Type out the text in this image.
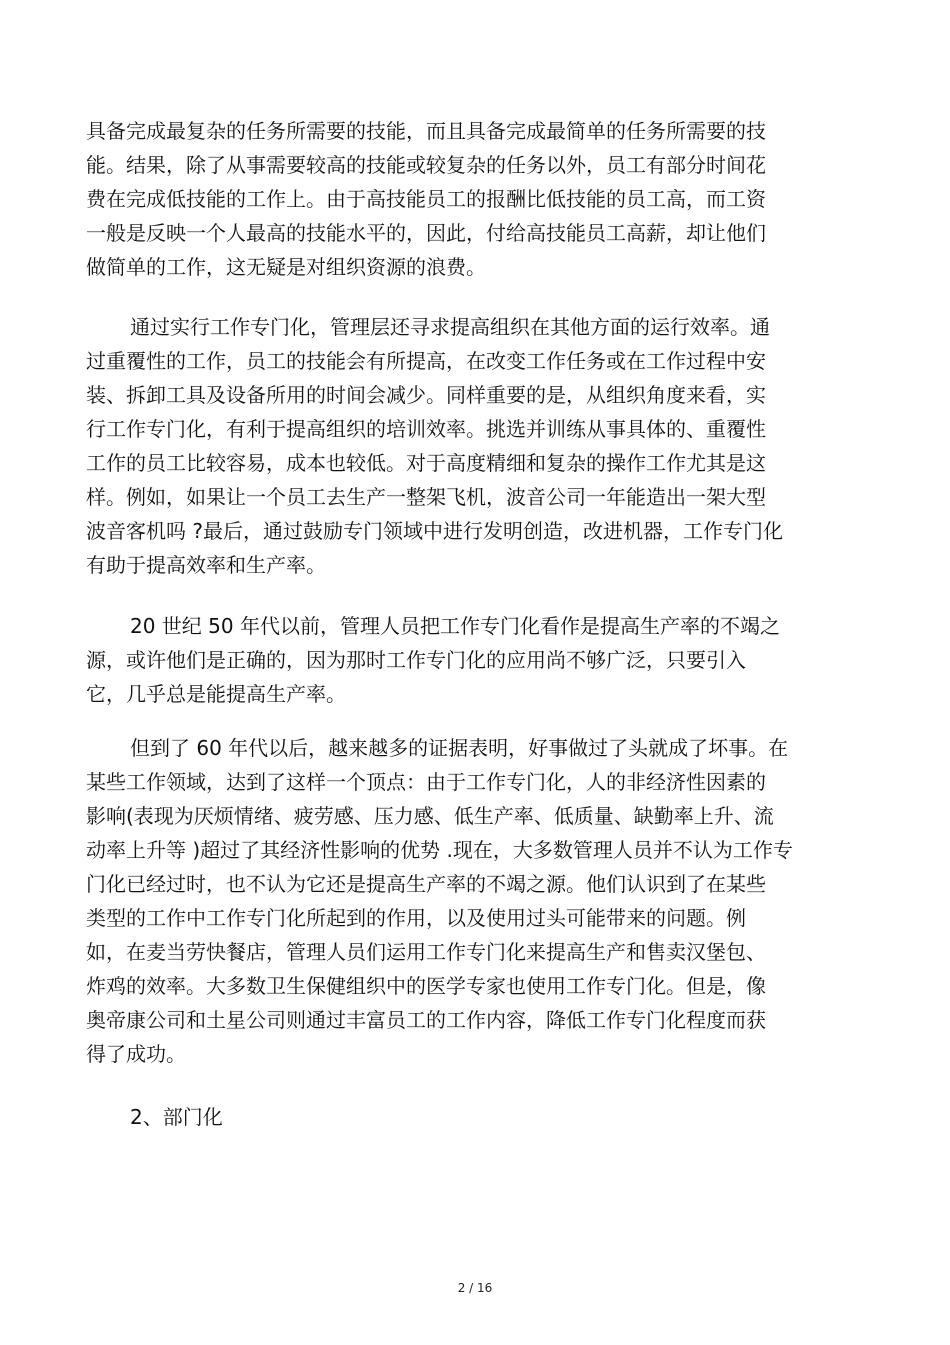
具备完成最复杂的任务所需要的技能，而且具备完成最简单的任务所需要的技
能。结果，除了从事需要较高的技能或较复杂的任务以外，员工有部分时间花
费在完成低技能的工作上。由于高技能员工的报酬比低技能的员工高，而工资
一般是反映一个人最高的技能水平的，因此，付给高技能员工高薪，却让他们
做简单的工作，这无疑是对组织资源的浪费。
通过实行工作专门化，管理层还寻求提高组织在其他方面的运行效率。通
过重覆性的工作，员工的技能会有所提高，在改变工作任务或在工作过程中安
装、拆卸工具及设备所用的时间会减少。同样重要的是，从组织角度来看，实
行工作专门化，有利于提高组织的培训效率。挑选并训练从事具体的、重覆性
工作的员工比较容易，成本也较低。对于高度精细和复杂的操作工作尤其是这
样。例如，如果让一个员工去生产一整架飞机，波音公司一年能造出一架大型
波音客机吗 ?最后，通过鼓励专门领域中进行发明创造，改进机器，工作专门化
有助于提高效率和生产率。
20 世纪 50 年代以前，管理人员把工作专门化看作是提高生产率的不竭之
源，或许他们是正确的，因为那时工作专门化的应用尚不够广泛，只要引入
它，几乎总是能提高生产率。
但到了 60 年代以后，越来越多的证据表明，好事做过了头就成了坏事。在
某些工作领域，达到了这样一个顶点：由于工作专门化，人的非经济性因素的
影响(表现为厌烦情绪、疲劳感、压力感、低生产率、低质量、缺勤率上升、流
动率上升等 )超过了其经济性影响的优势 .现在，大多数管理人员并不认为工作专
门化已经过时，也不认为它还是提高生产率的不竭之源。他们认识到了在某些
类型的工作中工作专门化所起到的作用，以及使用过头可能带来的问题。例
如，在麦当劳快餐店，管理人员们运用工作专门化来提高生产和售卖汉堡包、
炸鸡的效率。大多数卫生保健组织中的医学专家也使用工作专门化。但是，像
奥帝康公司和土星公司则通过丰富员工的工作内容，降低工作专门化程度而获
得了成功。
2、部门化
2 / 16
